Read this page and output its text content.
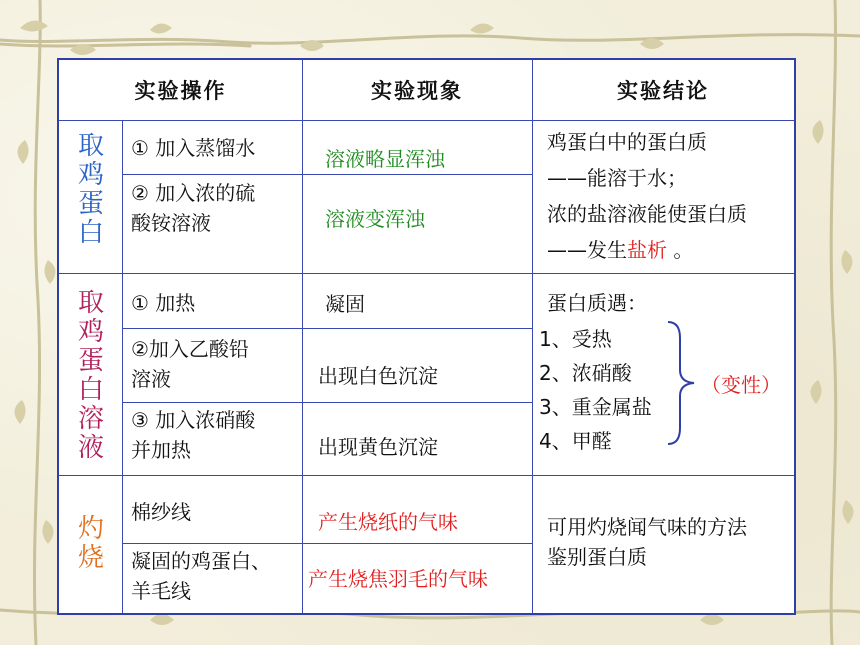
实验操作	实验现象	实验结论
取
鸡
蛋
白
取
鸡
蛋
白
溶
液
灼
烧
① 加入蒸馏水
② 加入浓的硫
酸铵溶液
① 加热
②加入乙酸铅
溶液
③ 加入浓硝酸
并加热
棉纱线
凝固的鸡蛋白、
羊毛线
溶液略显浑浊
溶液变浑浊
凝固
出现白色沉淀
出现黄色沉淀
产生烧纸的气味
产生烧焦羽毛的气味
鸡蛋白中的蛋白质
——能溶于水；
浓的盐溶液能使蛋白质
——发生盐析 。
蛋白质遇：
1、受热
2、浓硝酸
3、重金属盐
4、甲醛
（变性）
可用灼烧闻气味的方法
鉴别蛋白质
